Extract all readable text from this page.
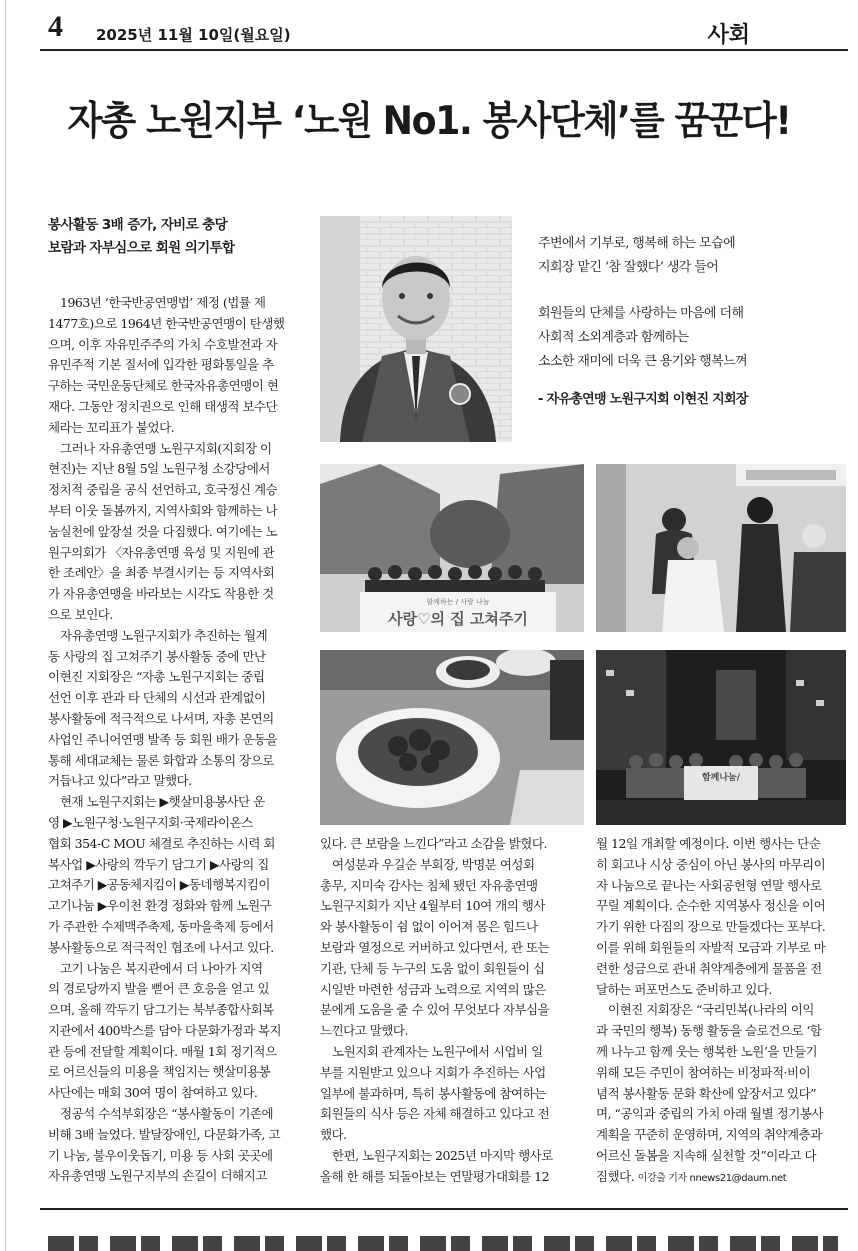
4 2025년 11월 10일(월요일)	사회
자총 노원지부 ‘노원 No1. 봉사단체’를 꿈꾼다!

봉사활동 3배 증가, 자비로 충당

보람과 자부심으로 회원 의기투합	주변에서 기부로, 행복해 하는 모습에

지회장 맡긴 ‘참 잘했다’ 생각 들어

회원들의 단체를 사랑하는 마음에 더해

사회적 소외계층과 함께하는

소소한 재미에 더욱 큰 용기와 행복느껴

- 자유총연맹 노원구지회 이현진 지회장

함께하는 / 사랑 나눔
사랑♡의 집 고쳐주기
함께나눔/

　1963년 ‘한국반공연맹법’ 제정 (법률 제

1477호)으로 1964년 한국반공연맹이 탄생했

으며, 이후 자유민주주의 가치 수호발전과 자

유민주적 기본 질서에 입각한 평화통일을 추

구하는 국민운동단체로 한국자유총연맹이 현

재다. 그동안 정치권으로 인해 태생적 보수단

체라는 꼬리표가 붙었다.

　그러나 자유총연맹 노원구지회(지회장 이

현진)는 지난 8월 5일 노원구청 소강당에서

정치적 중립을 공식 선언하고, 호국정신 계승

부터 이웃 돌봄까지, 지역사회와 함께하는 나

눔실천에 앞장설 것을 다짐했다. 여기에는 노

원구의회가 〈자유총연맹 육성 및 지원에 관

한 조례안〉을 최종 부결시키는 등 지역사회

가 자유총연맹을 바라보는 시각도 작용한 것

으로 보인다.

　자유총연맹 노원구지회가 추진하는 월계

동 사랑의 집 고쳐주기 봉사활동 중에 만난

이현진 지회장은 “자총 노원구지회는 중립

선언 이후 관과 타 단체의 시선과 관계없이

봉사활동에 적극적으로 나서며, 자총 본연의

사업인 주니어연맹 발족 등 회원 배가 운동을

통해 세대교체는 물론 화합과 소통의 장으로

거듭나고 있다”라고 말했다.

　현재 노원구지회는 ▶햇살미용봉사단 운

영 ▶노원구청·노원구지회·국제라이온스

협회 354-C MOU 체결로 추진하는 시력 회

복사업 ▶사랑의 깍두기 담그기 ▶사랑의 집

고쳐주기 ▶공동체지킴이 ▶동네행복지킴이

고기나눔 ▶우이천 환경 정화와 함께 노원구

가 주관한 수제맥주축제, 동마을축제 등에서

봉사활동으로 적극적인 협조에 나서고 있다.

　고기 나눔은 복지관에서 더 나아가 지역

의 경로당까지 발을 뻗어 큰 호응을 얻고 있

으며, 올해 깍두기 담그기는 북부종합사회복

지관에서 400박스를 담아 다문화가정과 복지

관 등에 전달할 계획이다. 매월 1회 정기적으

로 어르신들의 미용을 책임지는 햇살미용봉

사단에는 매회 30여 명이 참여하고 있다.

　정공석 수석부회장은 “봉사활동이 기존에

비해 3배 늘었다. 발달장애인, 다문화가족, 고

기 나눔, 불우이웃돕기, 미용 등 사회 곳곳에

자유총연맹 노원구지부의 손길이 더해지고

있다. 큰 보람을 느낀다”라고 소감을 밝혔다.

　여성분과 우길순 부회장, 박명분 여성회

총무, 지미숙 감사는 침체 됐던 자유총연맹

노원구지회가 지난 4월부터 10여 개의 행사

와 봉사활동이 쉼 없이 이어져 몸은 힘드나

보람과 열정으로 커버하고 있다면서, 관 또는

기관, 단체 등 누구의 도움 없이 회원들이 십

시일반 마련한 성금과 노력으로 지역의 많은

분에게 도움을 줄 수 있어 무엇보다 자부심을

느낀다고 말했다.

　노원지회 관계자는 노원구에서 시업비 일

부를 지원받고 있으나 지회가 추진하는 사업

일부에 불과하며, 특히 봉사활동에 참여하는

회원들의 식사 등은 자체 해결하고 있다고 전

했다.

　한편, 노원구지회는 2025년 마지막 행사로

올해 한 해를 되돌아보는 연말평가대회를 12

월 12일 개최할 예정이다. 이번 행사는 단순

히 회고나 시상 중심이 아닌 봉사의 마무리이

자 나눔으로 끝나는 사회공헌형 연말 행사로

꾸릴 계획이다. 순수한 지역봉사 정신을 이어

가기 위한 다짐의 장으로 만들겠다는 포부다.

이를 위해 회원들의 자발적 모금과 기부로 마

련한 성금으로 관내 취약계층에게 물품을 전

달하는 퍼포먼스도 준비하고 있다.

　이현진 지회장은 “국리민복(나라의 이익

과 국민의 행복) 동행 활동을 슬로건으로 ‘함

께 나누고 함께 웃는 행복한 노원’을 만들기

위해 모든 주민이 참여하는 비정파적·비이

념적 봉사활동 문화 확산에 앞장서고 있다”

며, “공익과 중립의 가치 아래 월별 정기봉사

계획을 꾸준히 운영하며, 지역의 취약계층과

어르신 돌봄을 지속해 실천할 것”이라고 다

짐했다. 이강출 기자 nnews21@daum.net
